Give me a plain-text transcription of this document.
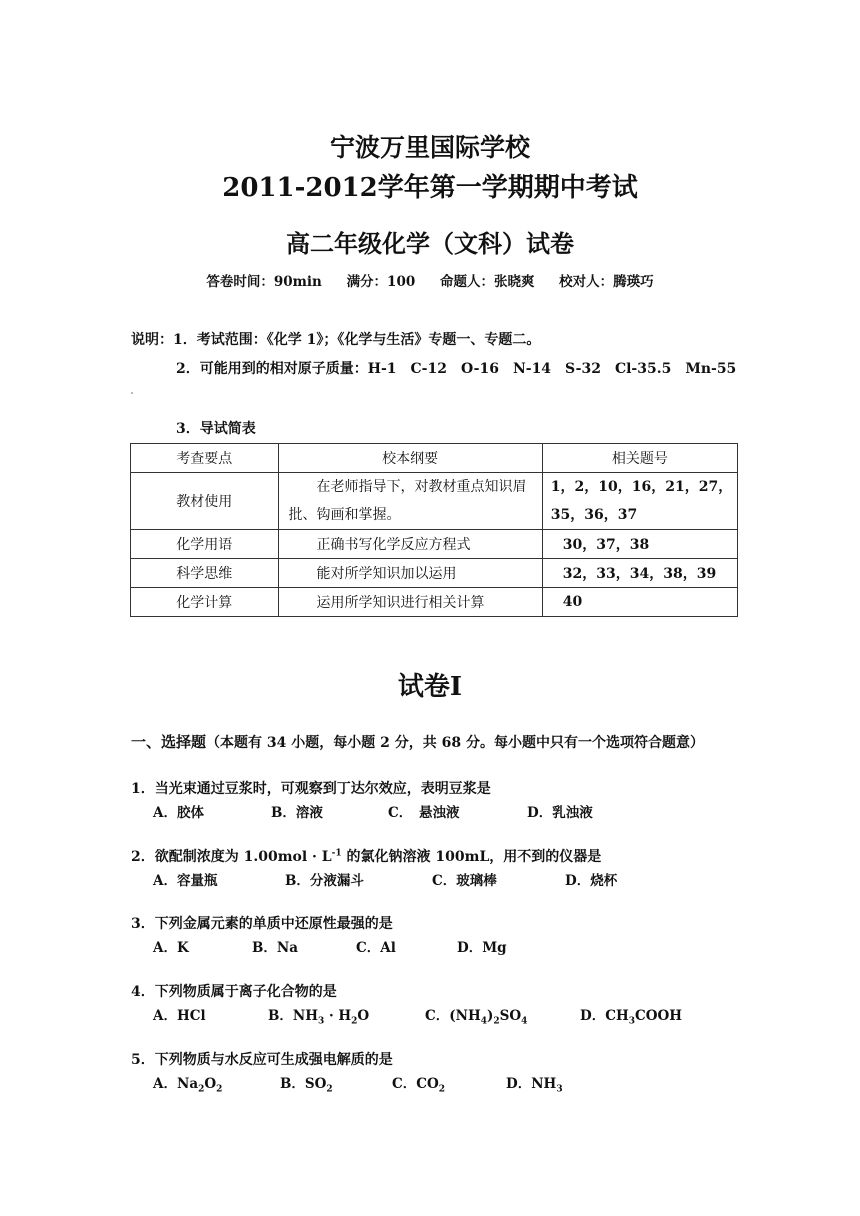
宁波万里国际学校
2011-2012学年第一学期期中考试
高二年级化学（文科）试卷
答卷时间：90min 满分：100 命题人：张晓爽 校对人：腾瑛巧
说明：1．考试范围：《化学 1》；《化学与生活》专题一、专题二。
2．可能用到的相对原子质量：H-1　C-12　O-16　N-14　S-32　Cl-35.5　Mn-55
3．导试简表
考查要点	校本纲要	相关题号
教材使用	在老师指导下，对教材重点知识眉批、钩画和掌握。	1，2，10，16，21，27，35，36，37
化学用语	正确书写化学反应方程式	30，37，38
科学思维	能对所学知识加以运用	32，33，34，38，39
化学计算	运用所学知识进行相关计算	40
试卷Ⅰ
一、选择题（本题有 34 小题，每小题 2 分，共 68 分。每小题中只有一个选项符合题意）
1．当光束通过豆浆时，可观察到丁达尔效应，表明豆浆是
A．胶体	B．溶液	C．　悬浊液	D．乳浊液
2．欲配制浓度为 $1.00mol \cdot L^{-1}$ 的氯化钠溶液 100mL，用不到的仪器是
A．容量瓶	B．分液漏斗	C．玻璃棒	D．烧杯
3．下列金属元素的单质中还原性最强的是
A．K	B．Na	C．Al	D．Mg
4．下列物质属于离子化合物的是
A．HCl	B．$NH_3 \cdot H_2O$	C．$(NH_4)_2SO_4$	D．$CH_3COOH$
5．下列物质与水反应可生成强电解质的是
A．$Na_2O_2$	B．$SO_2$	C．$CO_2$	D．$NH_3$
